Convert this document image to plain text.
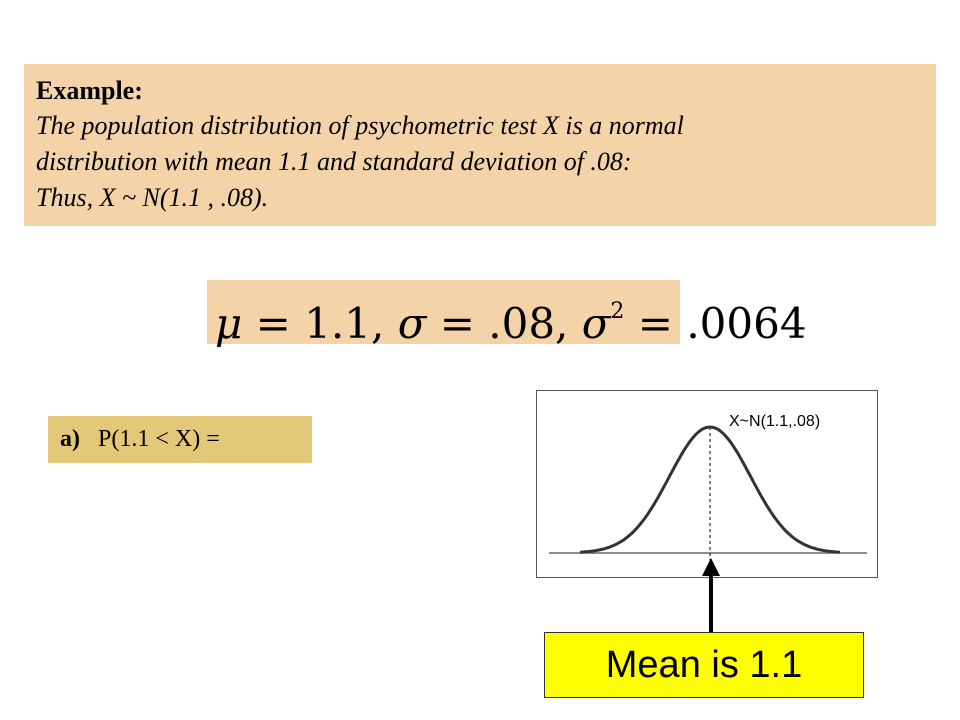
Example:
The population distribution of psychometric test X is a normal
distribution with mean 1.1 and standard deviation of .08:
Thus, X ~ N(1.1 , .08).
μ = 1.1, σ = .08, $\sigma^2 = .0064$
a) P(1.1 < X) =
X~N(1.1,.08)
Mean is 1.1
